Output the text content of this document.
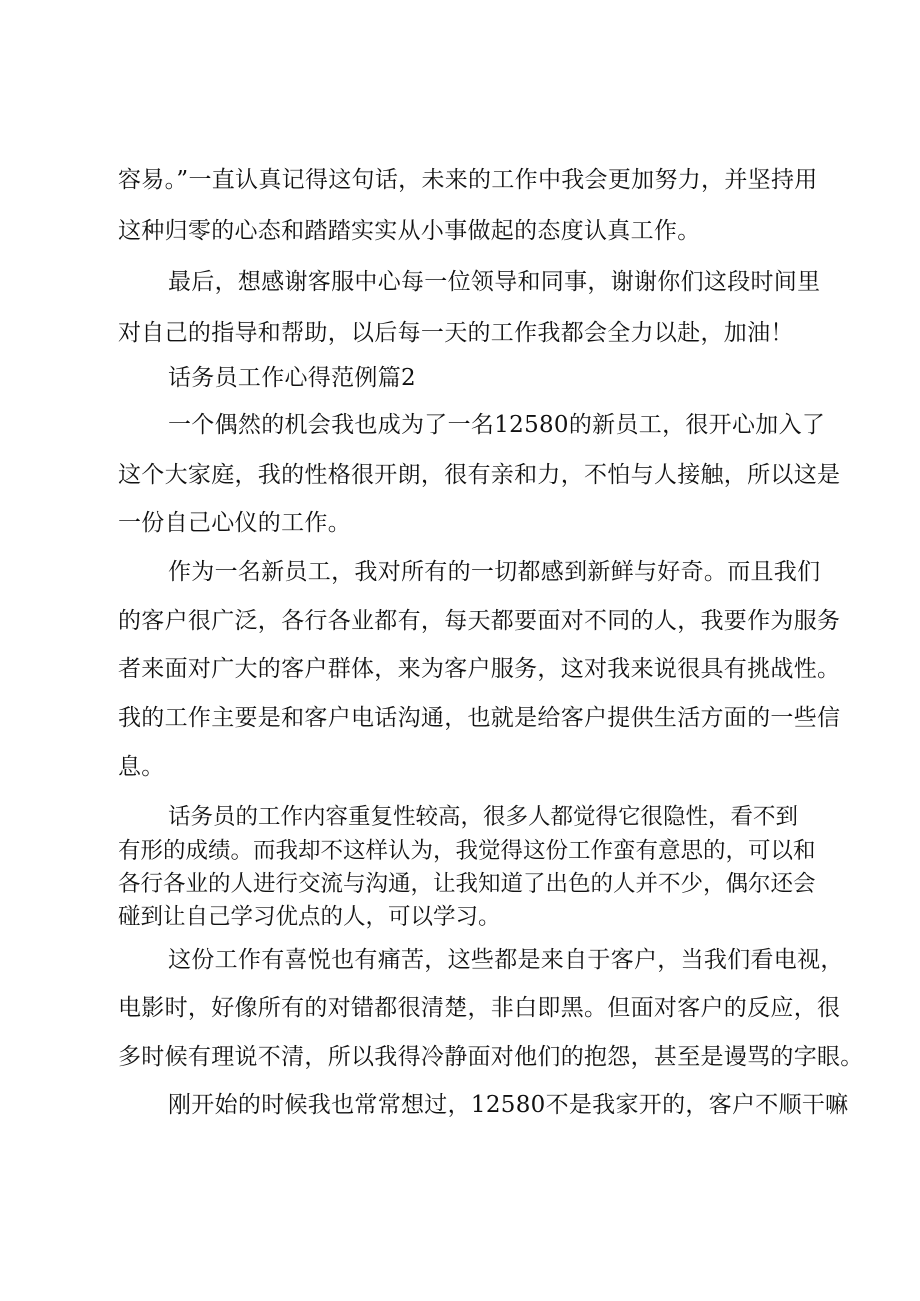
容易。”一直认真记得这句话，未来的工作中我会更加努力，并坚持用
这种归零的心态和踏踏实实从小事做起的态度认真工作。
最后，想感谢客服中心每一位领导和同事，谢谢你们这段时间里
对自己的指导和帮助，以后每一天的工作我都会全力以赴，加油！
话务员工作心得范例篇2
一个偶然的机会我也成为了一名12580的新员工，很开心加入了
这个大家庭，我的性格很开朗，很有亲和力，不怕与人接触，所以这是
一份自己心仪的工作。
作为一名新员工，我对所有的一切都感到新鲜与好奇。而且我们
的客户很广泛，各行各业都有，每天都要面对不同的人，我要作为服务
者来面对广大的客户群体，来为客户服务，这对我来说很具有挑战性。
我的工作主要是和客户电话沟通，也就是给客户提供生活方面的一些信
息。
话务员的工作内容重复性较高，很多人都觉得它很隐性，看不到
有形的成绩。而我却不这样认为，我觉得这份工作蛮有意思的，可以和
各行各业的人进行交流与沟通，让我知道了出色的人并不少，偶尔还会
碰到让自己学习优点的人，可以学习。
这份工作有喜悦也有痛苦，这些都是来自于客户，当我们看电视，
电影时，好像所有的对错都很清楚，非白即黑。但面对客户的反应，很
多时候有理说不清，所以我得冷静面对他们的抱怨，甚至是谩骂的字眼。
刚开始的时候我也常常想过，12580不是我家开的，客户不顺干嘛
